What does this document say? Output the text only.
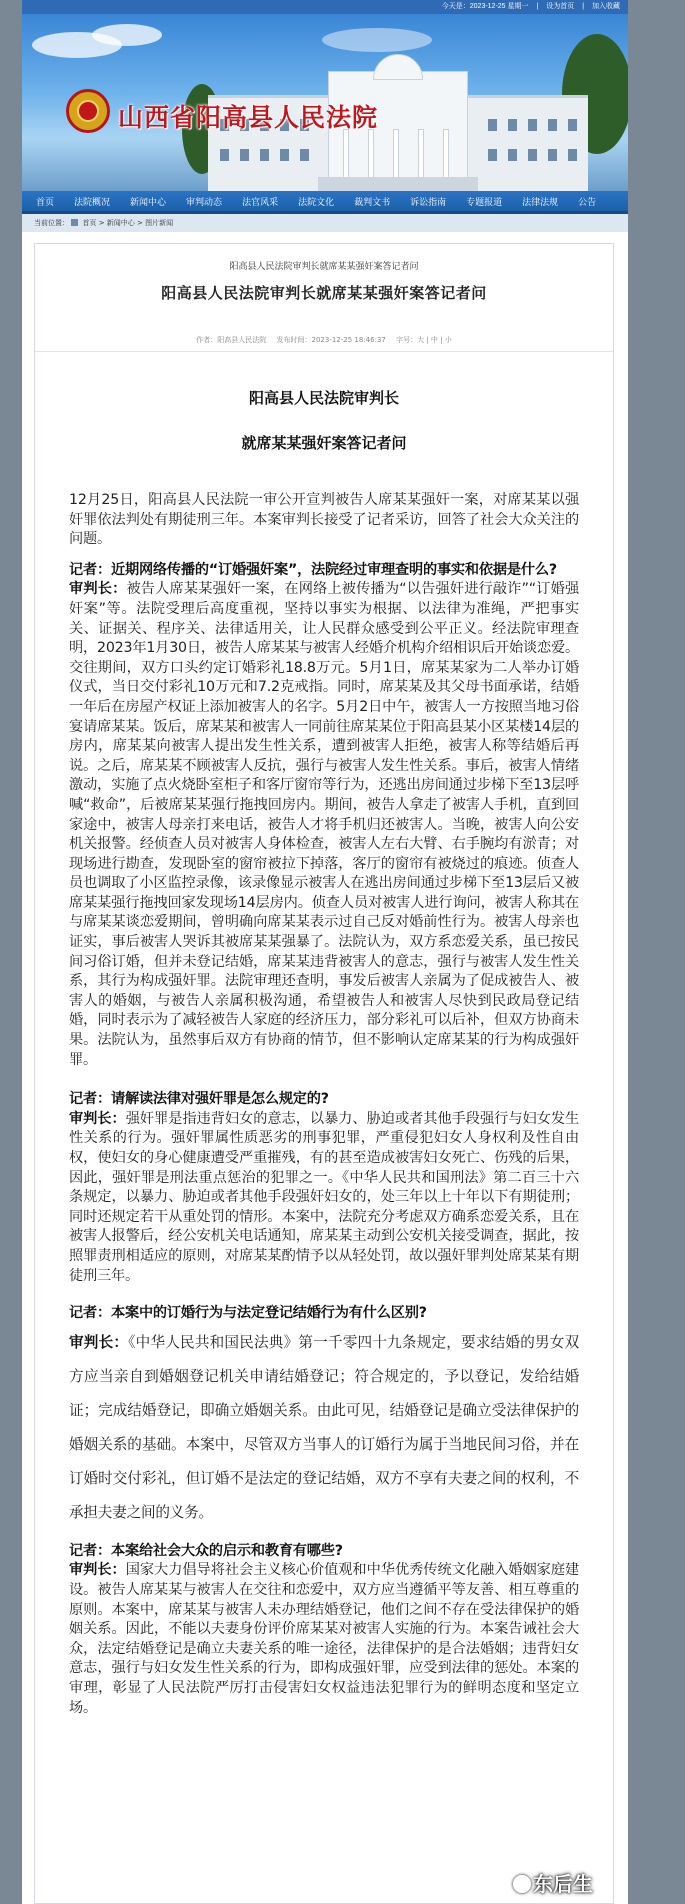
今天是：2023-12-25 星期一 | 设为首页 | 加入收藏
山西省阳高县人民法院
首页 法院概况 新闻中心 审判动态 法官风采 法院文化 裁判文书 诉讼指南 专题报道 法律法规 公告
当前位置： 首页 > 新闻中心 > 图片新闻
阳高县人民法院审判长就席某某强奸案答记者问
阳高县人民法院审判长就席某某强奸案答记者问
作者：阳高县人民法院 发布时间：2023-12-25 18:46:37 字号：大 | 中 | 小
阳高县人民法院审判长
就席某某强奸案答记者问

12月25日，阳高县人民法院一审公开宣判被告人席某某强奸一案，对席某某以强奸罪依法判处有期徒刑三年。本案审判长接受了记者采访，回答了社会大众关注的问题。

记者：近期网络传播的“订婚强奸案”，法院经过审理查明的事实和依据是什么?
审判长：被告人席某某强奸一案，在网络上被传播为“以告强奸进行敲诈”“订婚强奸案”等。法院受理后高度重视，坚持以事实为根据、以法律为准绳，严把事实关、证据关、程序关、法律适用关，让人民群众感受到公平正义。经法院审理查明，2023年1月30日，被告人席某某与被害人经婚介机构介绍相识后开始谈恋爱。交往期间，双方口头约定订婚彩礼18.8万元。5月1日，席某某家为二人举办订婚仪式，当日交付彩礼10万元和7.2克戒指。同时，席某某及其父母书面承诺，结婚一年后在房屋产权证上添加被害人的名字。5月2日中午，被害人一方按照当地习俗宴请席某某。饭后，席某某和被害人一同前往席某某位于阳高县某小区某楼14层的房内，席某某向被害人提出发生性关系，遭到被害人拒绝，被害人称等结婚后再说。之后，席某某不顾被害人反抗，强行与被害人发生性关系。事后，被害人情绪激动，实施了点火烧卧室柜子和客厅窗帘等行为，还逃出房间通过步梯下至13层呼喊“救命”，后被席某某强行拖拽回房内。期间，被告人拿走了被害人手机，直到回家途中，被害人母亲打来电话，被告人才将手机归还被害人。当晚，被害人向公安机关报警。经侦查人员对被害人身体检查，被害人左右大臂、右手腕均有淤青；对现场进行勘查，发现卧室的窗帘被拉下掉落，客厅的窗帘有被烧过的痕迹。侦查人员也调取了小区监控录像，该录像显示被害人在逃出房间通过步梯下至13层后又被席某某强行拖拽回家发现场14层房内。侦查人员对被害人进行询问，被害人称其在与席某某谈恋爱期间，曾明确向席某某表示过自己反对婚前性行为。被害人母亲也证实，事后被害人哭诉其被席某某强暴了。法院认为，双方系恋爱关系，虽已按民间习俗订婚，但并未登记结婚，席某某违背被害人的意志，强行与被害人发生性关系，其行为构成强奸罪。法院审理还查明，事发后被害人亲属为了促成被告人、被害人的婚姻，与被告人亲属积极沟通，希望被告人和被害人尽快到民政局登记结婚，同时表示为了减轻被告人家庭的经济压力，部分彩礼可以后补，但双方协商未果。法院认为，虽然事后双方有协商的情节，但不影响认定席某某的行为构成强奸罪。

记者：请解读法律对强奸罪是怎么规定的?
审判长：强奸罪是指违背妇女的意志，以暴力、胁迫或者其他手段强行与妇女发生性关系的行为。强奸罪属性质恶劣的刑事犯罪，严重侵犯妇女人身权利及性自由权，使妇女的身心健康遭受严重摧残，有的甚至造成被害妇女死亡、伤残的后果，因此，强奸罪是刑法重点惩治的犯罪之一。《中华人民共和国刑法》第二百三十六条规定，以暴力、胁迫或者其他手段强奸妇女的，处三年以上十年以下有期徒刑；同时还规定若干从重处罚的情形。本案中，法院充分考虑双方确系恋爱关系，且在被害人报警后，经公安机关电话通知，席某某主动到公安机关接受调查，据此，按照罪责刑相适应的原则，对席某某酌情予以从轻处罚，故以强奸罪判处席某某有期徒刑三年。

记者：本案中的订婚行为与法定登记结婚行为有什么区别?

审判长：《中华人民共和国民法典》第一千零四十九条规定，要求结婚的男女双方应当亲自到婚姻登记机关申请结婚登记；符合规定的，予以登记，发给结婚证；完成结婚登记，即确立婚姻关系。由此可见，结婚登记是确立受法律保护的婚姻关系的基础。本案中，尽管双方当事人的订婚行为属于当地民间习俗，并在订婚时交付彩礼，但订婚不是法定的登记结婚，双方不享有夫妻之间的权利，不承担夫妻之间的义务。

记者：本案给社会大众的启示和教育有哪些?
审判长：国家大力倡导将社会主义核心价值观和中华优秀传统文化融入婚姻家庭建设。被告人席某某与被害人在交往和恋爱中，双方应当遵循平等友善、相互尊重的原则。本案中，席某某与被害人未办理结婚登记，他们之间不存在受法律保护的婚姻关系。因此，不能以夫妻身份评价席某某对被害人实施的行为。本案告诫社会大众，法定结婚登记是确立夫妻关系的唯一途径，法律保护的是合法婚姻；违背妇女意志，强行与妇女发生性关系的行为，即构成强奸罪，应受到法律的惩处。本案的审理，彰显了人民法院严厉打击侵害妇女权益违法犯罪行为的鲜明态度和坚定立场。

东后生
